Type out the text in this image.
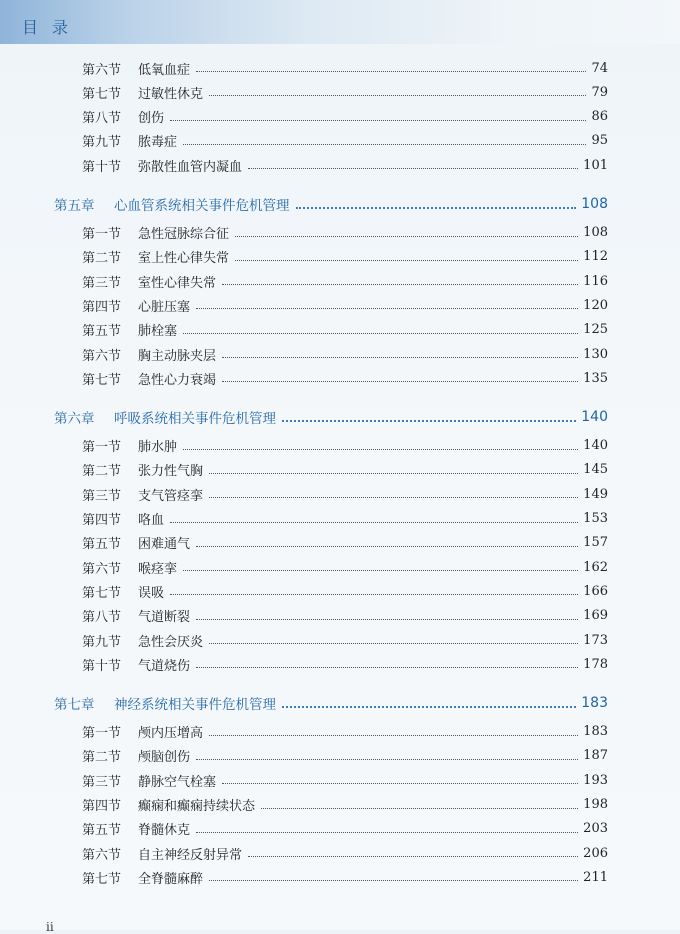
目录
第六节 低氧血症	74
第七节 过敏性休克	79
第八节 创伤	86
第九节 脓毒症	95
第十节 弥散性血管内凝血	101
第五章 心血管系统相关事件危机管理	108
第一节 急性冠脉综合征	108
第二节 室上性心律失常	112
第三节 室性心律失常	116
第四节 心脏压塞	120
第五节 肺栓塞	125
第六节 胸主动脉夹层	130
第七节 急性心力衰竭	135
第六章 呼吸系统相关事件危机管理	140
第一节 肺水肿	140
第二节 张力性气胸	145
第三节 支气管痉挛	149
第四节 咯血	153
第五节 困难通气	157
第六节 喉痉挛	162
第七节 误吸	166
第八节 气道断裂	169
第九节 急性会厌炎	173
第十节 气道烧伤	178
第七章 神经系统相关事件危机管理	183
第一节 颅内压增高	183
第二节 颅脑创伤	187
第三节 静脉空气栓塞	193
第四节 癫痫和癫痫持续状态	198
第五节 脊髓休克	203
第六节 自主神经反射异常	206
第七节 全脊髓麻醉	211
ii
